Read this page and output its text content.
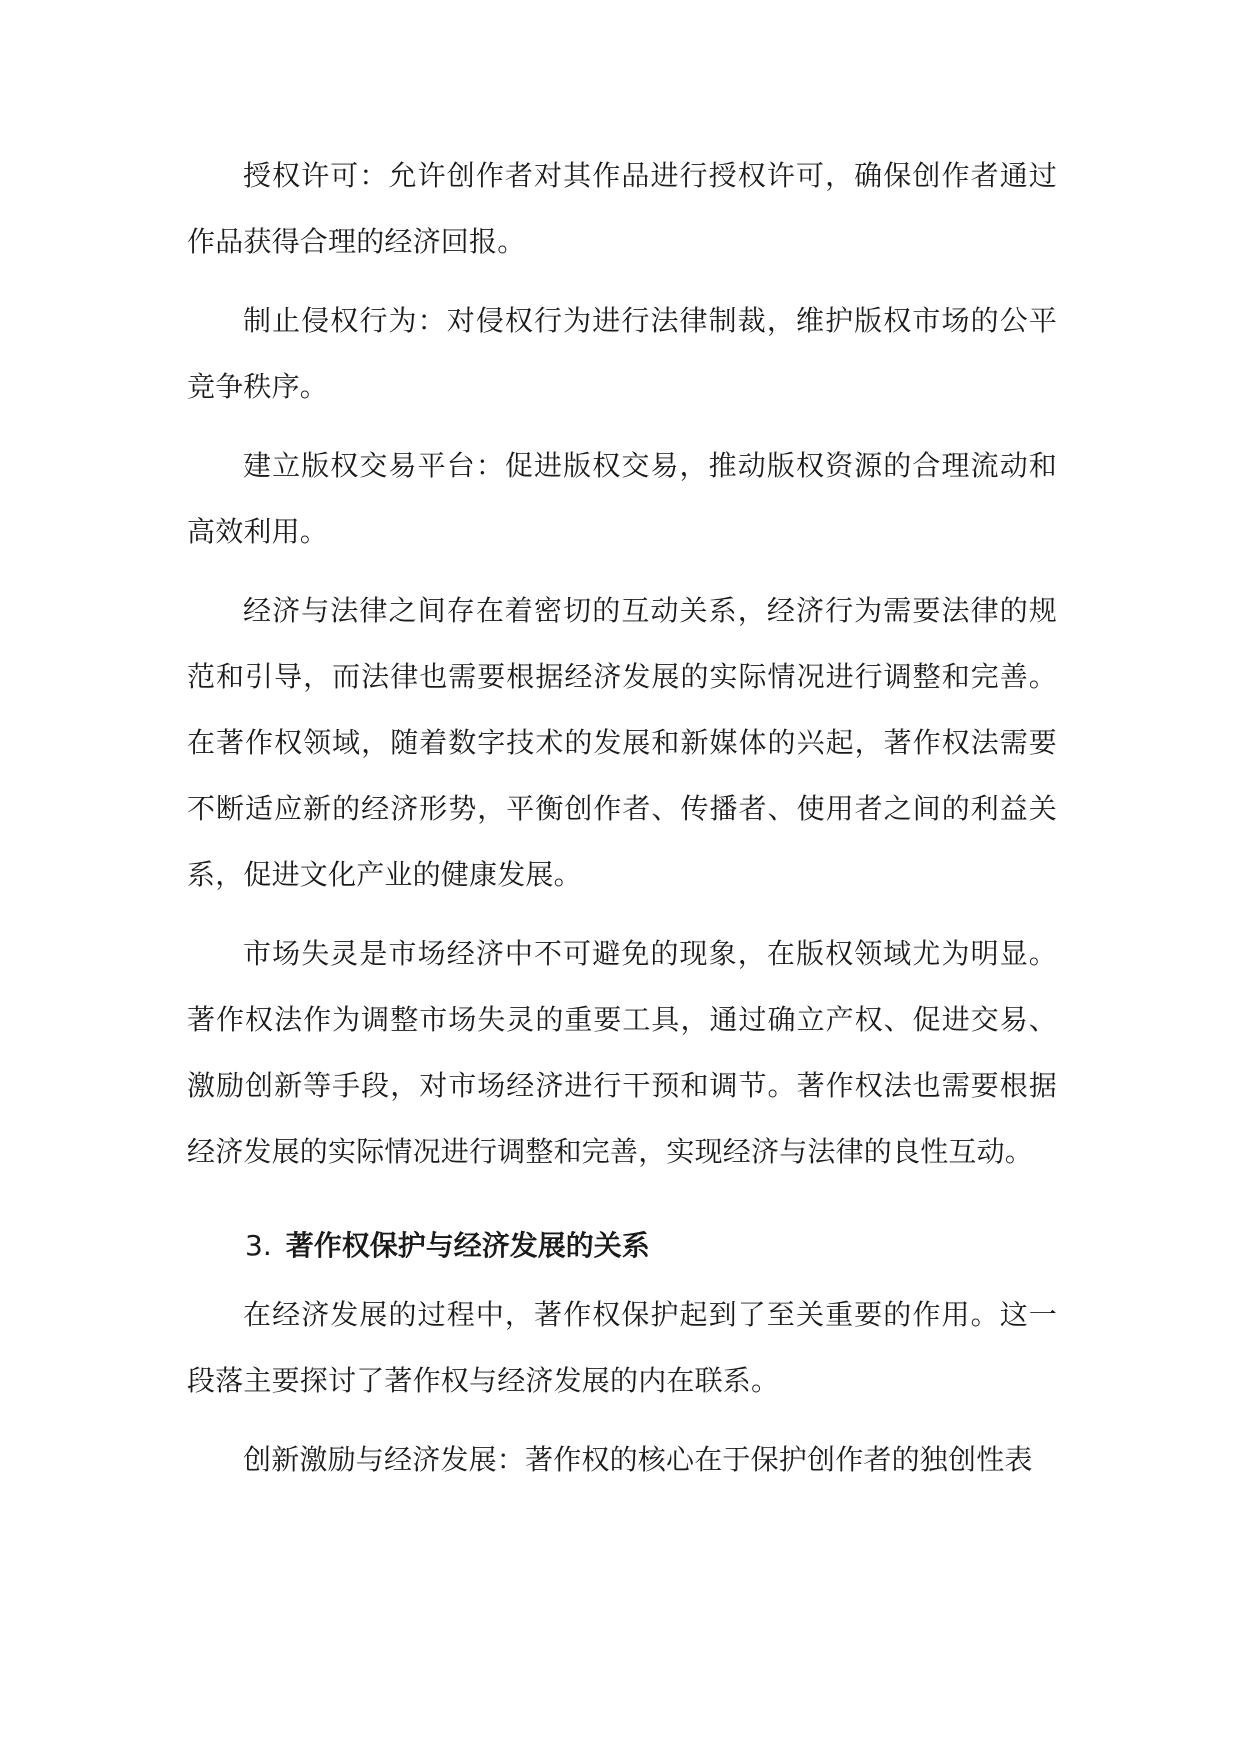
授权许可：允许创作者对其作品进行授权许可，确保创作者通过作品获得合理的经济回报。

制止侵权行为：对侵权行为进行法律制裁，维护版权市场的公平竞争秩序。

建立版权交易平台：促进版权交易，推动版权资源的合理流动和高效利用。

经济与法律之间存在着密切的互动关系，经济行为需要法律的规范和引导，而法律也需要根据经济发展的实际情况进行调整和完善。在著作权领域，随着数字技术的发展和新媒体的兴起，著作权法需要不断适应新的经济形势，平衡创作者、传播者、使用者之间的利益关系，促进文化产业的健康发展。

市场失灵是市场经济中不可避免的现象，在版权领域尤为明显。著作权法作为调整市场失灵的重要工具，通过确立产权、促进交易、激励创新等手段，对市场经济进行干预和调节。著作权法也需要根据经济发展的实际情况进行调整和完善，实现经济与法律的良性互动。

3. 著作权保护与经济发展的关系

在经济发展的过程中，著作权保护起到了至关重要的作用。这一段落主要探讨了著作权与经济发展的内在联系。

创新激励与经济发展：著作权的核心在于保护创作者的独创性表
